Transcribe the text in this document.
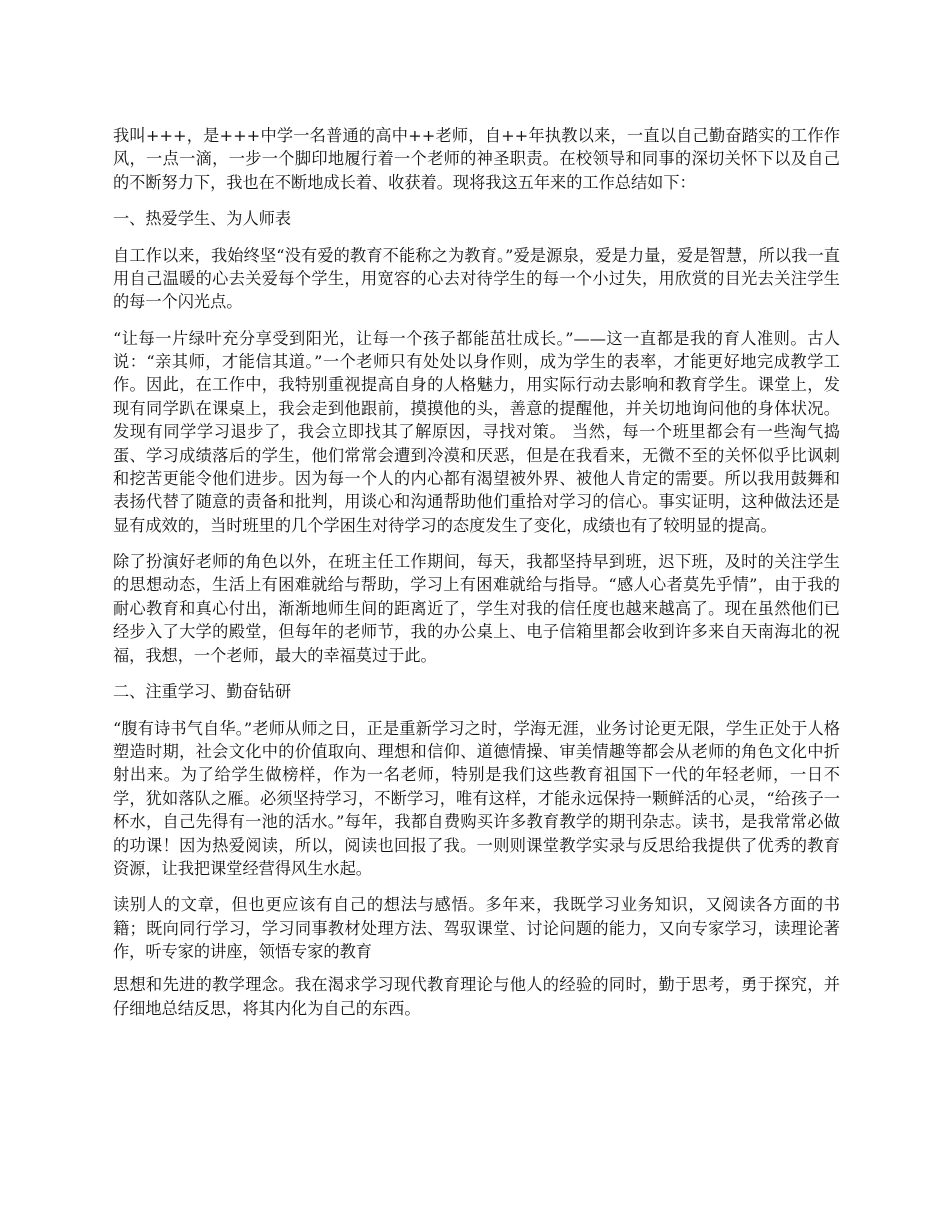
我叫+++，是+++中学一名普通的高中++老师，自++年执教以来，一直以自己勤奋踏实的工作作风，一点一滴，一步一个脚印地履行着一个老师的神圣职责。在校领导和同事的深切关怀下以及自己的不断努力下，我也在不断地成长着、收获着。现将我这五年来的工作总结如下：

一、热爱学生、为人师表

自工作以来，我始终坚“没有爱的教育不能称之为教育。”爱是源泉，爱是力量，爱是智慧，所以我一直用自己温暖的心去关爱每个学生，用宽容的心去对待学生的每一个小过失，用欣赏的目光去关注学生的每一个闪光点。

“让每一片绿叶充分享受到阳光，让每一个孩子都能茁壮成长。”——这一直都是我的育人准则。古人说：“亲其师，才能信其道。”一个老师只有处处以身作则，成为学生的表率，才能更好地完成教学工作。因此，在工作中，我特别重视提高自身的人格魅力，用实际行动去影响和教育学生。课堂上，发现有同学趴在课桌上，我会走到他跟前，摸摸他的头，善意的提醒他，并关切地询问他的身体状况。发现有同学学习退步了，我会立即找其了解原因，寻找对策。 当然，每一个班里都会有一些淘气捣蛋、学习成绩落后的学生，他们常常会遭到冷漠和厌恶，但是在我看来，无微不至的关怀似乎比讽刺和挖苦更能令他们进步。因为每一个人的内心都有渴望被外界、被他人肯定的需要。所以我用鼓舞和表扬代替了随意的责备和批判，用谈心和沟通帮助他们重拾对学习的信心。事实证明，这种做法还是显有成效的，当时班里的几个学困生对待学习的态度发生了变化，成绩也有了较明显的提高。

除了扮演好老师的角色以外，在班主任工作期间，每天，我都坚持早到班，迟下班，及时的关注学生的思想动态，生活上有困难就给与帮助，学习上有困难就给与指导。“感人心者莫先乎情”，由于我的耐心教育和真心付出，渐渐地师生间的距离近了，学生对我的信任度也越来越高了。现在虽然他们已经步入了大学的殿堂，但每年的老师节，我的办公桌上、电子信箱里都会收到许多来自天南海北的祝福，我想，一个老师，最大的幸福莫过于此。

二、注重学习、勤奋钻研

“腹有诗书气自华。”老师从师之日，正是重新学习之时，学海无涯，业务讨论更无限，学生正处于人格塑造时期，社会文化中的价值取向、理想和信仰、道德情操、审美情趣等都会从老师的角色文化中折射出来。为了给学生做榜样，作为一名老师，特别是我们这些教育祖国下一代的年轻老师，一日不学，犹如落队之雁。必须坚持学习，不断学习，唯有这样，才能永远保持一颗鲜活的心灵，“给孩子一杯水，自己先得有一池的活水。”每年，我都自费购买许多教育教学的期刊杂志。读书，是我常常必做的功课！因为热爱阅读，所以，阅读也回报了我。一则则课堂教学实录与反思给我提供了优秀的教育资源，让我把课堂经营得风生水起。

读别人的文章，但也更应该有自己的想法与感悟。多年来，我既学习业务知识，又阅读各方面的书籍；既向同行学习，学习同事教材处理方法、驾驭课堂、讨论问题的能力，又向专家学习，读理论著作，听专家的讲座，领悟专家的教育

思想和先进的教学理念。我在渴求学习现代教育理论与他人的经验的同时，勤于思考，勇于探究，并仔细地总结反思，将其内化为自己的东西。
